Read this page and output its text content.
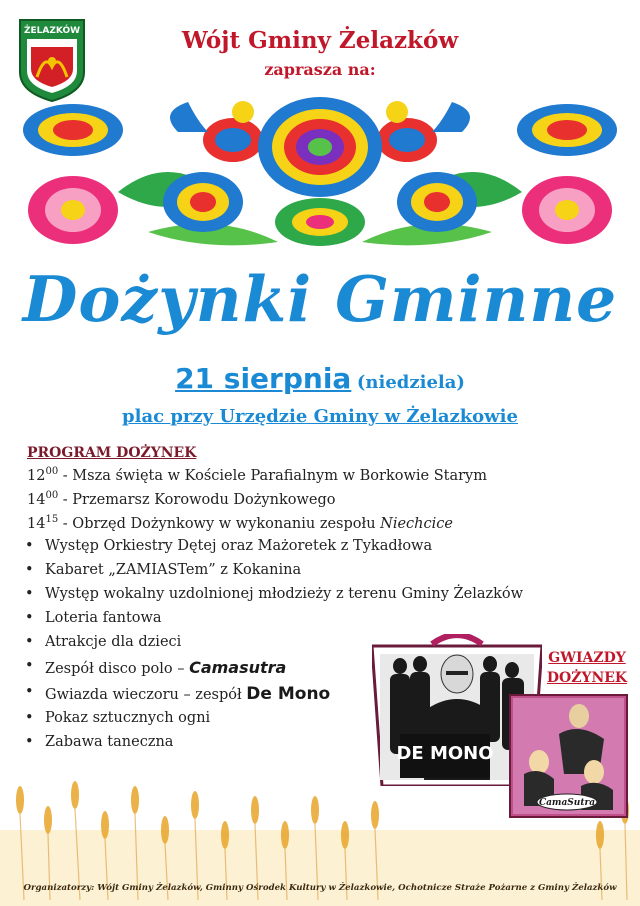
ŻELAZKÓW	Wójt Gminy Żelazków
zaprasza na:
Dożynki Gminne
21 sierpnia (niedziela)
plac przy Urzędzie Gminy w Żelazkowie
PROGRAM DOŻYNEK
$12^{00}$ - Msza święta w Kościele Parafialnym w Borkowie Starym
$14^{00}$ - Przemarsz Korowodu Dożynkowego
$14^{15}$ - Obrzęd Dożynkowy w wykonaniu zespołu Niechcice
• Występ Orkiestry Dętej oraz Mażoretek z Tykadłowa
• Kabaret „ZAMIASTem” z Kokanina
• Występ wokalny uzdolnionej młodzieży z terenu Gminy Żelazków
• Loteria fantowa
• Atrakcje dla dzieci
• Zespół disco polo – Camasutra
• Gwiazda wieczoru – zespół De Mono
• Pokaz sztucznych ogni
• Zabawa taneczna
DE MONO
CamaSutra
GWIAZDY
DOŻYNEK
Organizatorzy: Wójt Gminy Żelazków, Gminny Ośrodek Kultury w Żelazkowie, Ochotnicze Straże Pożarne z Gminy Żelazków
